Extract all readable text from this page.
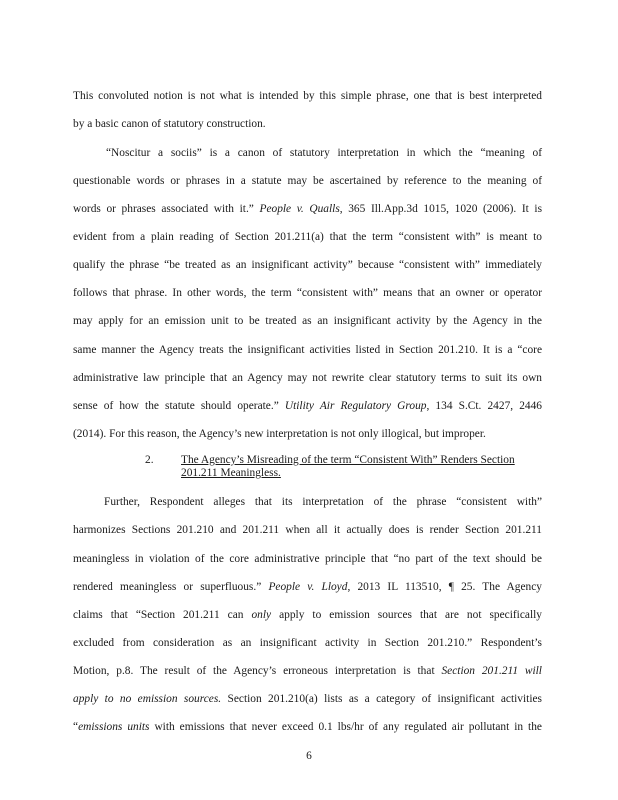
This convoluted notion is not what is intended by this simple phrase, one that is best interpreted
by a basic canon of statutory construction.
“Noscitur a sociis” is a canon of statutory interpretation in which the “meaning of
questionable words or phrases in a statute may be ascertained by reference to the meaning of
words or phrases associated with it.” People v. Qualls, 365 Ill.App.3d 1015, 1020 (2006). It is
evident from a plain reading of Section 201.211(a) that the term “consistent with” is meant to
qualify the phrase “be treated as an insignificant activity” because “consistent with” immediately
follows that phrase. In other words, the term “consistent with” means that an owner or operator
may apply for an emission unit to be treated as an insignificant activity by the Agency in the
same manner the Agency treats the insignificant activities listed in Section 201.210. It is a “core
administrative law principle that an Agency may not rewrite clear statutory terms to suit its own
sense of how the statute should operate.” Utility Air Regulatory Group, 134 S.Ct. 2427, 2446
(2014). For this reason, the Agency’s new interpretation is not only illogical, but improper.
2. The Agency’s Misreading of the term “Consistent With” Renders Section
201.211 Meaningless.
Further, Respondent alleges that its interpretation of the phrase “consistent with”
harmonizes Sections 201.210 and 201.211 when all it actually does is render Section 201.211
meaningless in violation of the core administrative principle that “no part of the text should be
rendered meaningless or superfluous.” People v. Lloyd, 2013 IL 113510, ¶ 25. The Agency
claims that “Section 201.211 can only apply to emission sources that are not specifically
excluded from consideration as an insignificant activity in Section 201.210.” Respondent’s
Motion, p.8. The result of the Agency’s erroneous interpretation is that Section 201.211 will
apply to no emission sources. Section 201.210(a) lists as a category of insignificant activities
“emissions units with emissions that never exceed 0.1 lbs/hr of any regulated air pollutant in the
6
